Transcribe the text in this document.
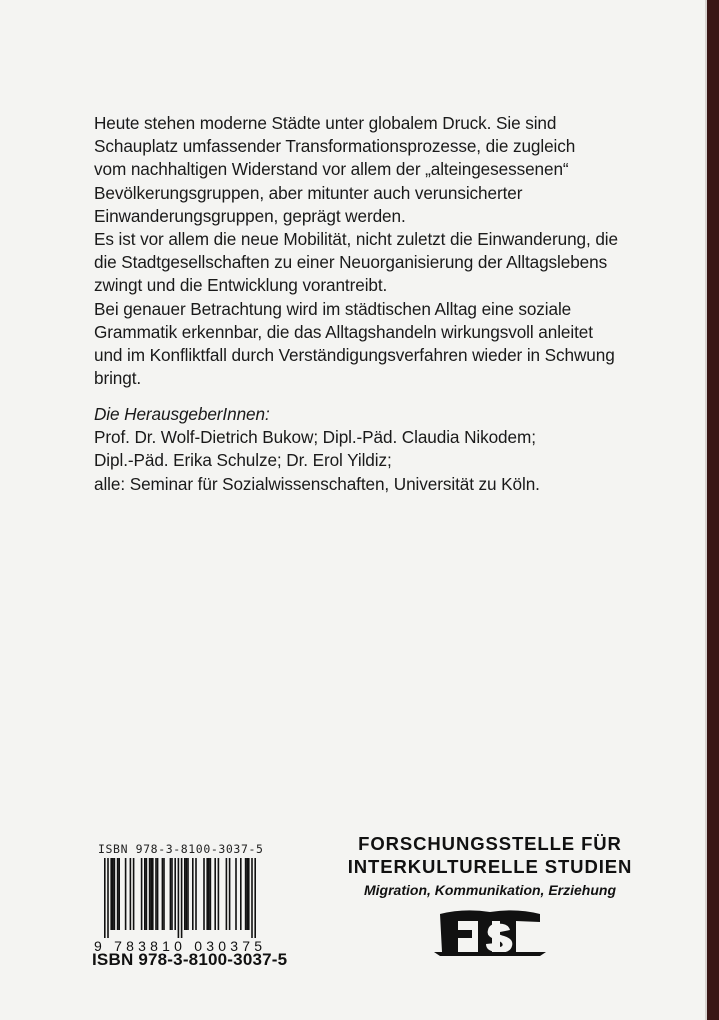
Heute stehen moderne Städte unter globalem Druck. Sie sind
Schauplatz umfassender Transformationsprozesse, die zugleich
vom nachhaltigen Widerstand vor allem der „alteingesessenen“
Bevölkerungsgruppen, aber mitunter auch verunsicherter
Einwanderungsgruppen, geprägt werden.

Es ist vor allem die neue Mobilität, nicht zuletzt die Einwanderung, die
die Stadtgesellschaften zu einer Neuorganisierung der Alltagslebens
zwingt und die Entwicklung vorantreibt.

Bei genauer Betrachtung wird im städtischen Alltag eine soziale
Grammatik erkennbar, die das Alltagshandeln wirkungsvoll anleitet
und im Konfliktfall durch Verständigungsverfahren wieder in Schwung
bringt.

Die HerausgeberInnen:
Prof. Dr. Wolf-Dietrich Bukow; Dipl.-Päd. Claudia Nikodem;
Dipl.-Päd. Erika Schulze; Dr. Erol Yildiz;
alle: Seminar für Sozialwissenschaften, Universität zu Köln.
ISBN 978-3-8100-3037-5
9 783810 030375
ISBN 978-3-8100-3037-5
FORSCHUNGSSTELLE FÜR
INTERKULTURELLE STUDIEN
Migration, Kommunikation, Erziehung
